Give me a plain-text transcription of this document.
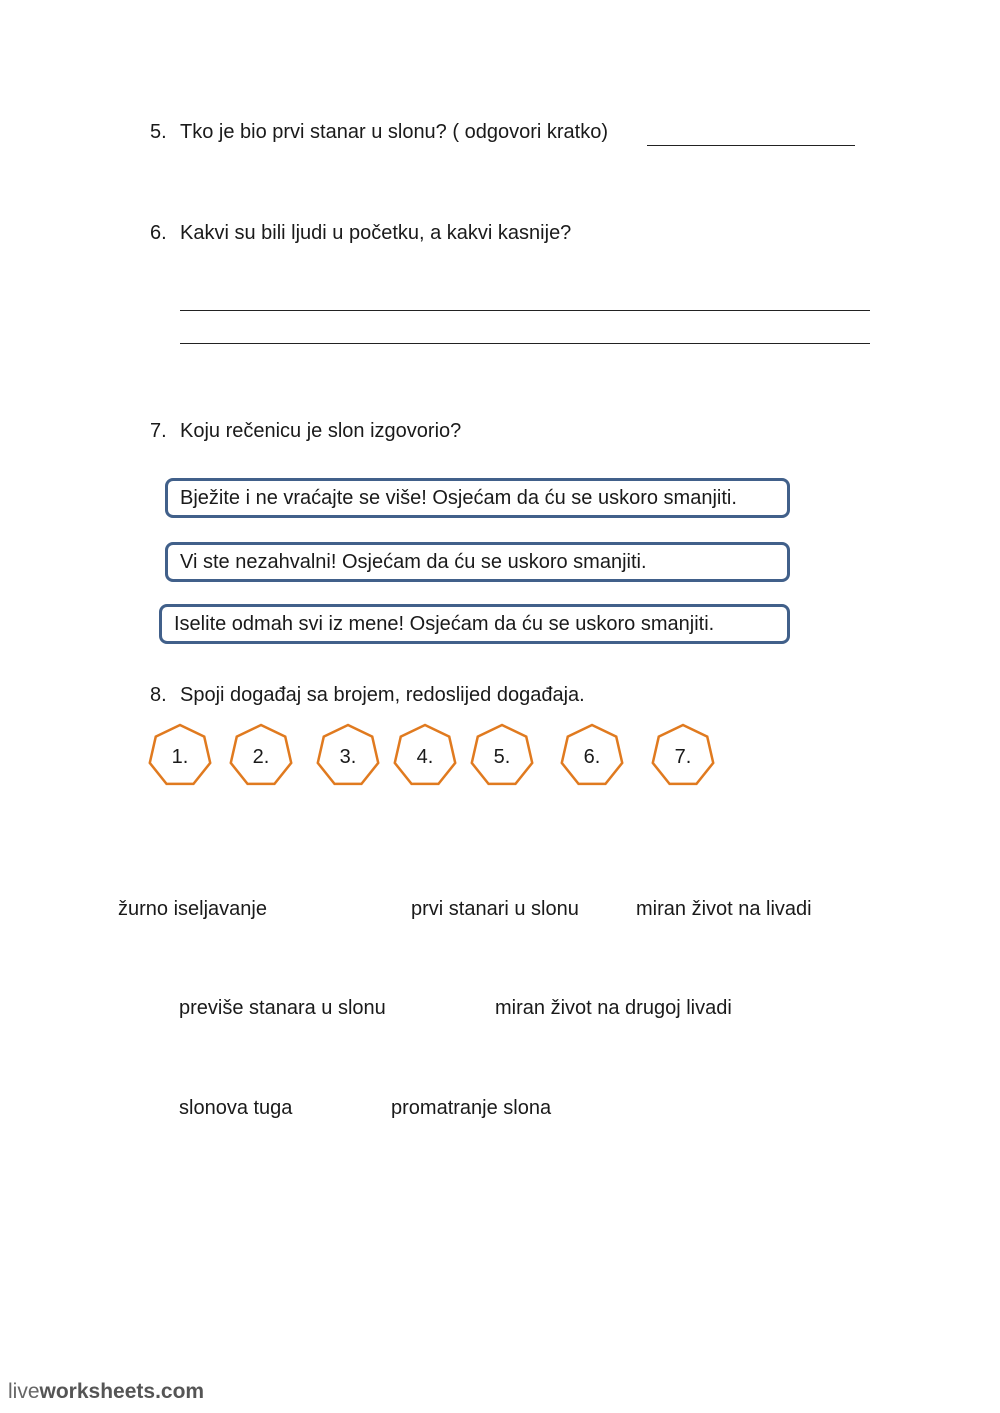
5. Tko je bio prvi stanar u slonu? ( odgovori kratko)
6. Kakvi su bili ljudi u početku, a kakvi kasnije?
7. Koju rečenicu je slon izgovorio?
Bježite i ne vraćajte se više! Osjećam da ću se uskoro smanjiti.
Vi ste nezahvalni! Osjećam da ću se uskoro smanjiti.
Iselite odmah svi iz mene! Osjećam da ću se uskoro smanjiti.
8. Spoji događaj sa brojem, redoslijed događaja.
1.	2.	3.	4.	5.	6.	7.
žurno iseljavanje	prvi stanari u slonu	miran život na livadi
previše stanara u slonu	miran život na drugoj livadi
slonova tuga	promatranje slona
liveworksheets.com
